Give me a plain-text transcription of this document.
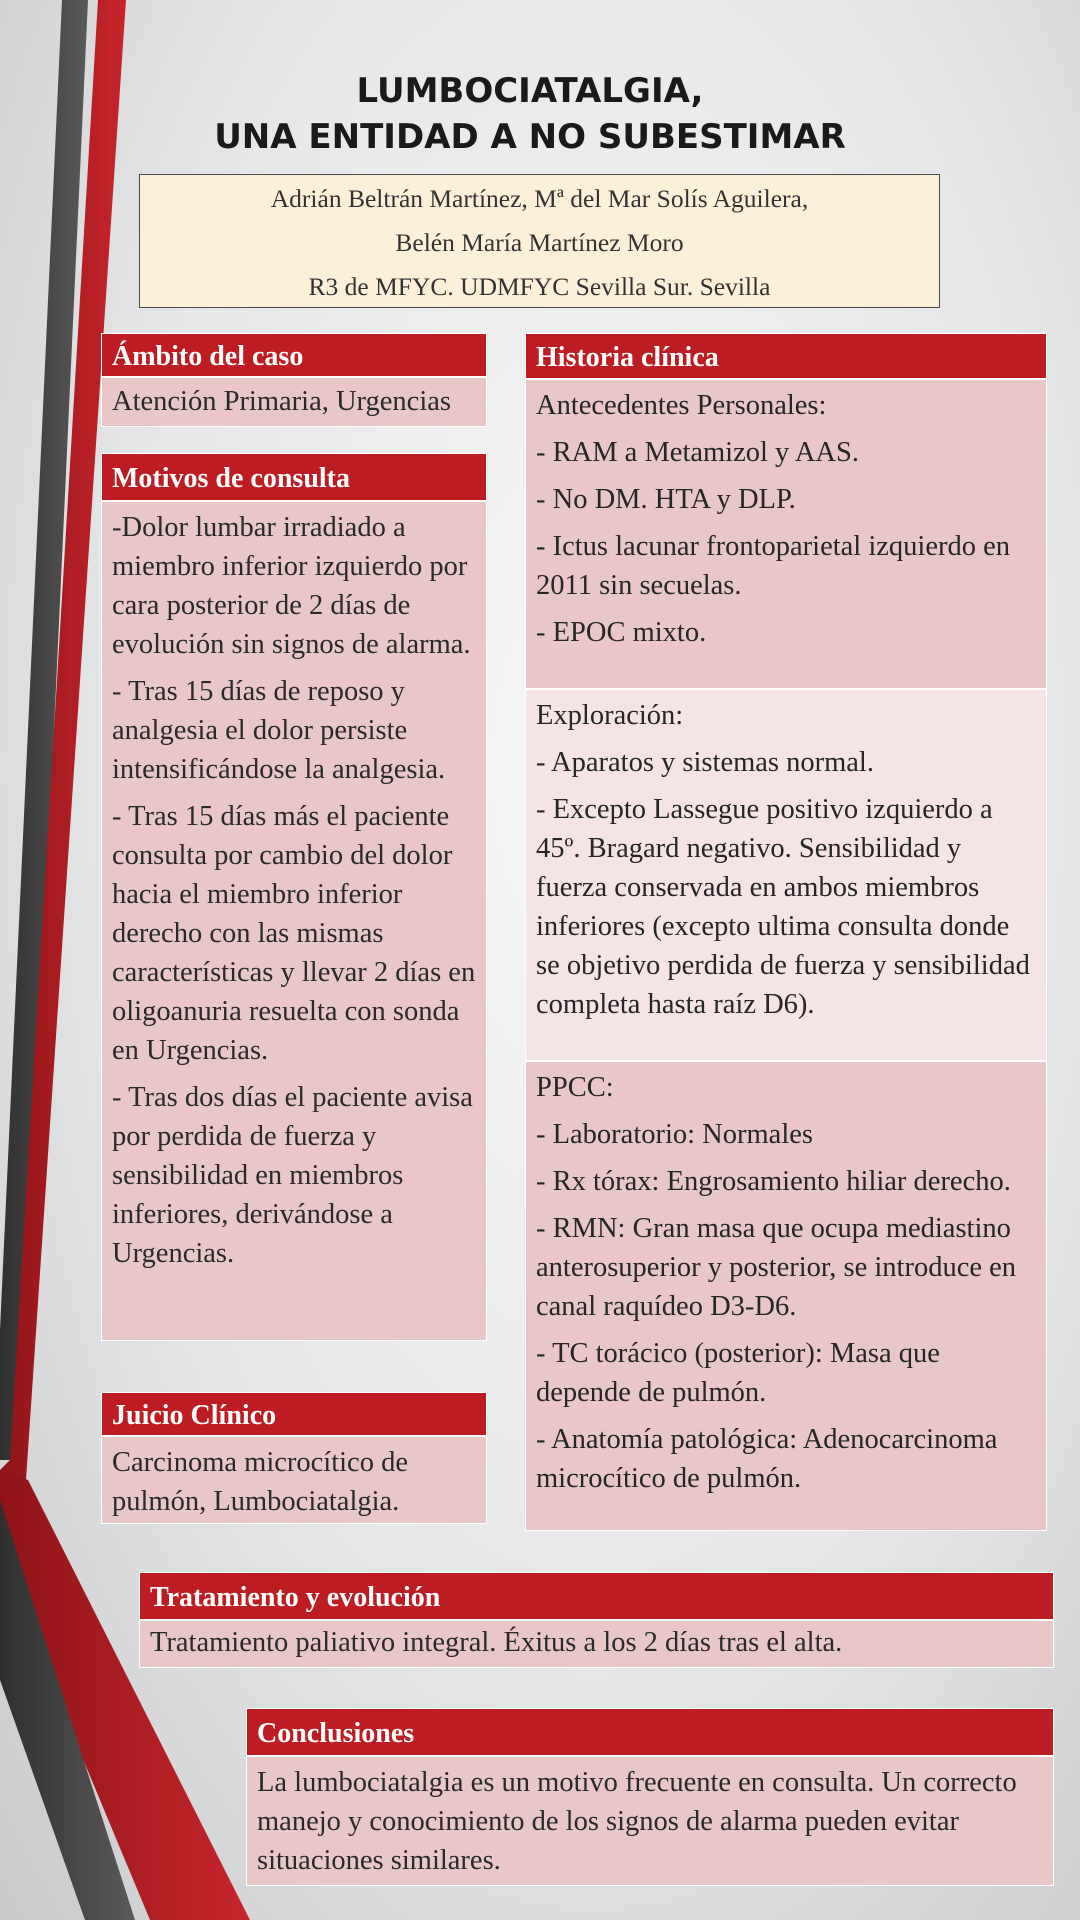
LUMBOCIATALGIA,
UNA ENTIDAD A NO SUBESTIMAR
Adrián Beltrán Martínez, Mª del Mar Solís Aguilera,
Belén María Martínez Moro
R3 de MFYC. UDMFYC Sevilla Sur. Sevilla
Ámbito del caso
Atención Primaria, Urgencias
Motivos de consulta

-Dolor lumbar irradiado a miembro inferior izquierdo por cara posterior de 2 días de evolución sin signos de alarma.

- Tras 15 días de reposo y analgesia el dolor persiste intensificándose la analgesia.

- Tras 15 días más el paciente consulta por cambio del dolor hacia el miembro inferior derecho con las mismas características y llevar 2 días en oligoanuria resuelta con sonda en Urgencias.

- Tras dos días el paciente avisa por perdida de fuerza y sensibilidad en miembros inferiores, derivándose a Urgencias.

Juicio Clínico
Carcinoma microcítico de pulmón, Lumbociatalgia.
Historia clínica

Antecedentes Personales:

- RAM a Metamizol y AAS.

- No DM. HTA y DLP.

- Ictus lacunar frontoparietal izquierdo en 2011 sin secuelas.

- EPOC mixto.

Exploración:

- Aparatos y sistemas normal.

- Excepto Lassegue positivo izquierdo a 45º. Bragard negativo. Sensibilidad y fuerza conservada en ambos miembros inferiores (excepto ultima consulta donde se objetivo perdida de fuerza y sensibilidad completa hasta raíz D6).

PPCC:

- Laboratorio: Normales

- Rx tórax: Engrosamiento hiliar derecho.

- RMN: Gran masa que ocupa mediastino anterosuperior y posterior, se introduce en canal raquídeo D3-D6.

- TC torácico (posterior): Masa que depende de pulmón.

- Anatomía patológica: Adenocarcinoma microcítico de pulmón.

Tratamiento y evolución
Tratamiento paliativo integral. Éxitus a los 2 días tras el alta.
Conclusiones
La lumbociatalgia es un motivo frecuente en consulta. Un correcto manejo y conocimiento de los signos de alarma pueden evitar situaciones similares.
